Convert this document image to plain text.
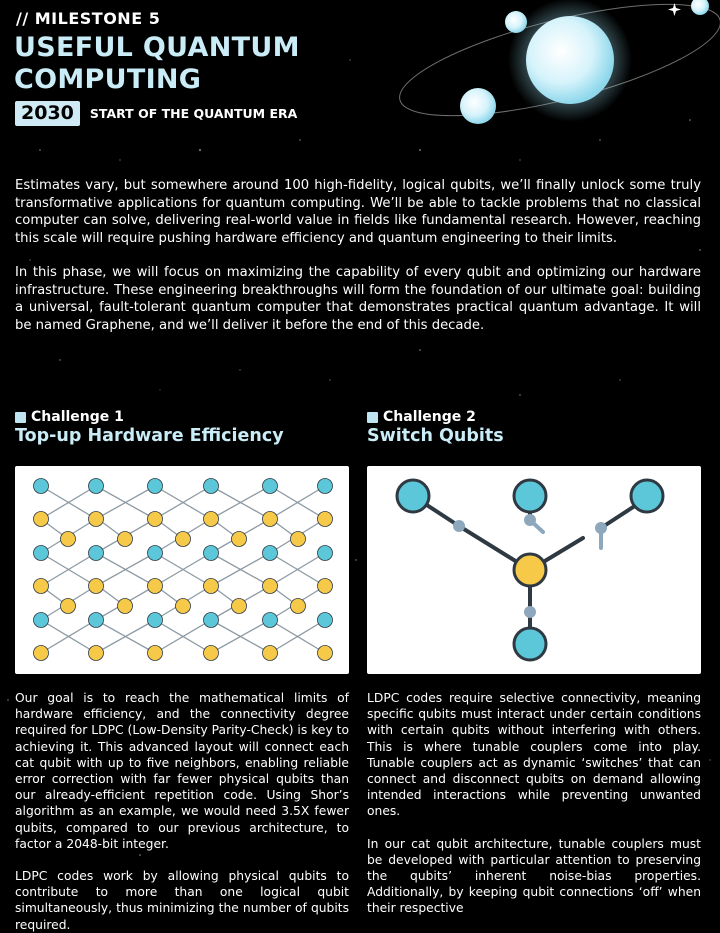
// MILESTONE 5
USEFUL QUANTUM
COMPUTING
2030	START OF THE QUANTUM ERA
Estimates vary, but somewhere around 100 high-fidelity, logical qubits, we’ll finally unlock some truly transformative applications for quantum computing. We’ll be able to tackle problems that no classical computer can solve, delivering real-world value in fields like fundamental research. However, reaching this scale will require pushing hardware efficiency and quantum engineering to their limits.
In this phase, we will focus on maximizing the capability of every qubit and optimizing our hardware infrastructure. These engineering breakthroughs will form the foundation of our ultimate goal: building a universal, fault-tolerant quantum computer that demonstrates practical quantum advantage. It will be named Graphene, and we’ll deliver it before the end of this decade.
Challenge 1
Top-up Hardware Efficiency
Our goal is to reach the mathematical limits of hardware efficiency, and the connectivity degree required for LDPC (Low-Density Parity-Check) is key to achieving it. This advanced layout will connect each cat qubit with up to five neighbors, enabling reliable error correction with far fewer physical qubits than our already-efficient repetition code. Using Shor’s algorithm as an example, we would need 3.5X fewer qubits, compared to our previous architecture, to factor a 2048-bit integer.
LDPC codes work by allowing physical qubits to contribute to more than one logical qubit simultaneously, thus minimizing the number of qubits required.
Challenge 2
Switch Qubits
LDPC codes require selective connectivity, meaning specific qubits must interact under certain conditions with certain qubits without interfering with others. This is where tunable couplers come into play. Tunable couplers act as dynamic ‘switches’ that can connect and disconnect qubits on demand allowing intended interactions while preventing unwanted ones.
In our cat qubit architecture, tunable couplers must be developed with particular attention to preserving the qubits’ inherent noise-bias properties. Additionally, by keeping qubit connections ‘off’ when their respective
